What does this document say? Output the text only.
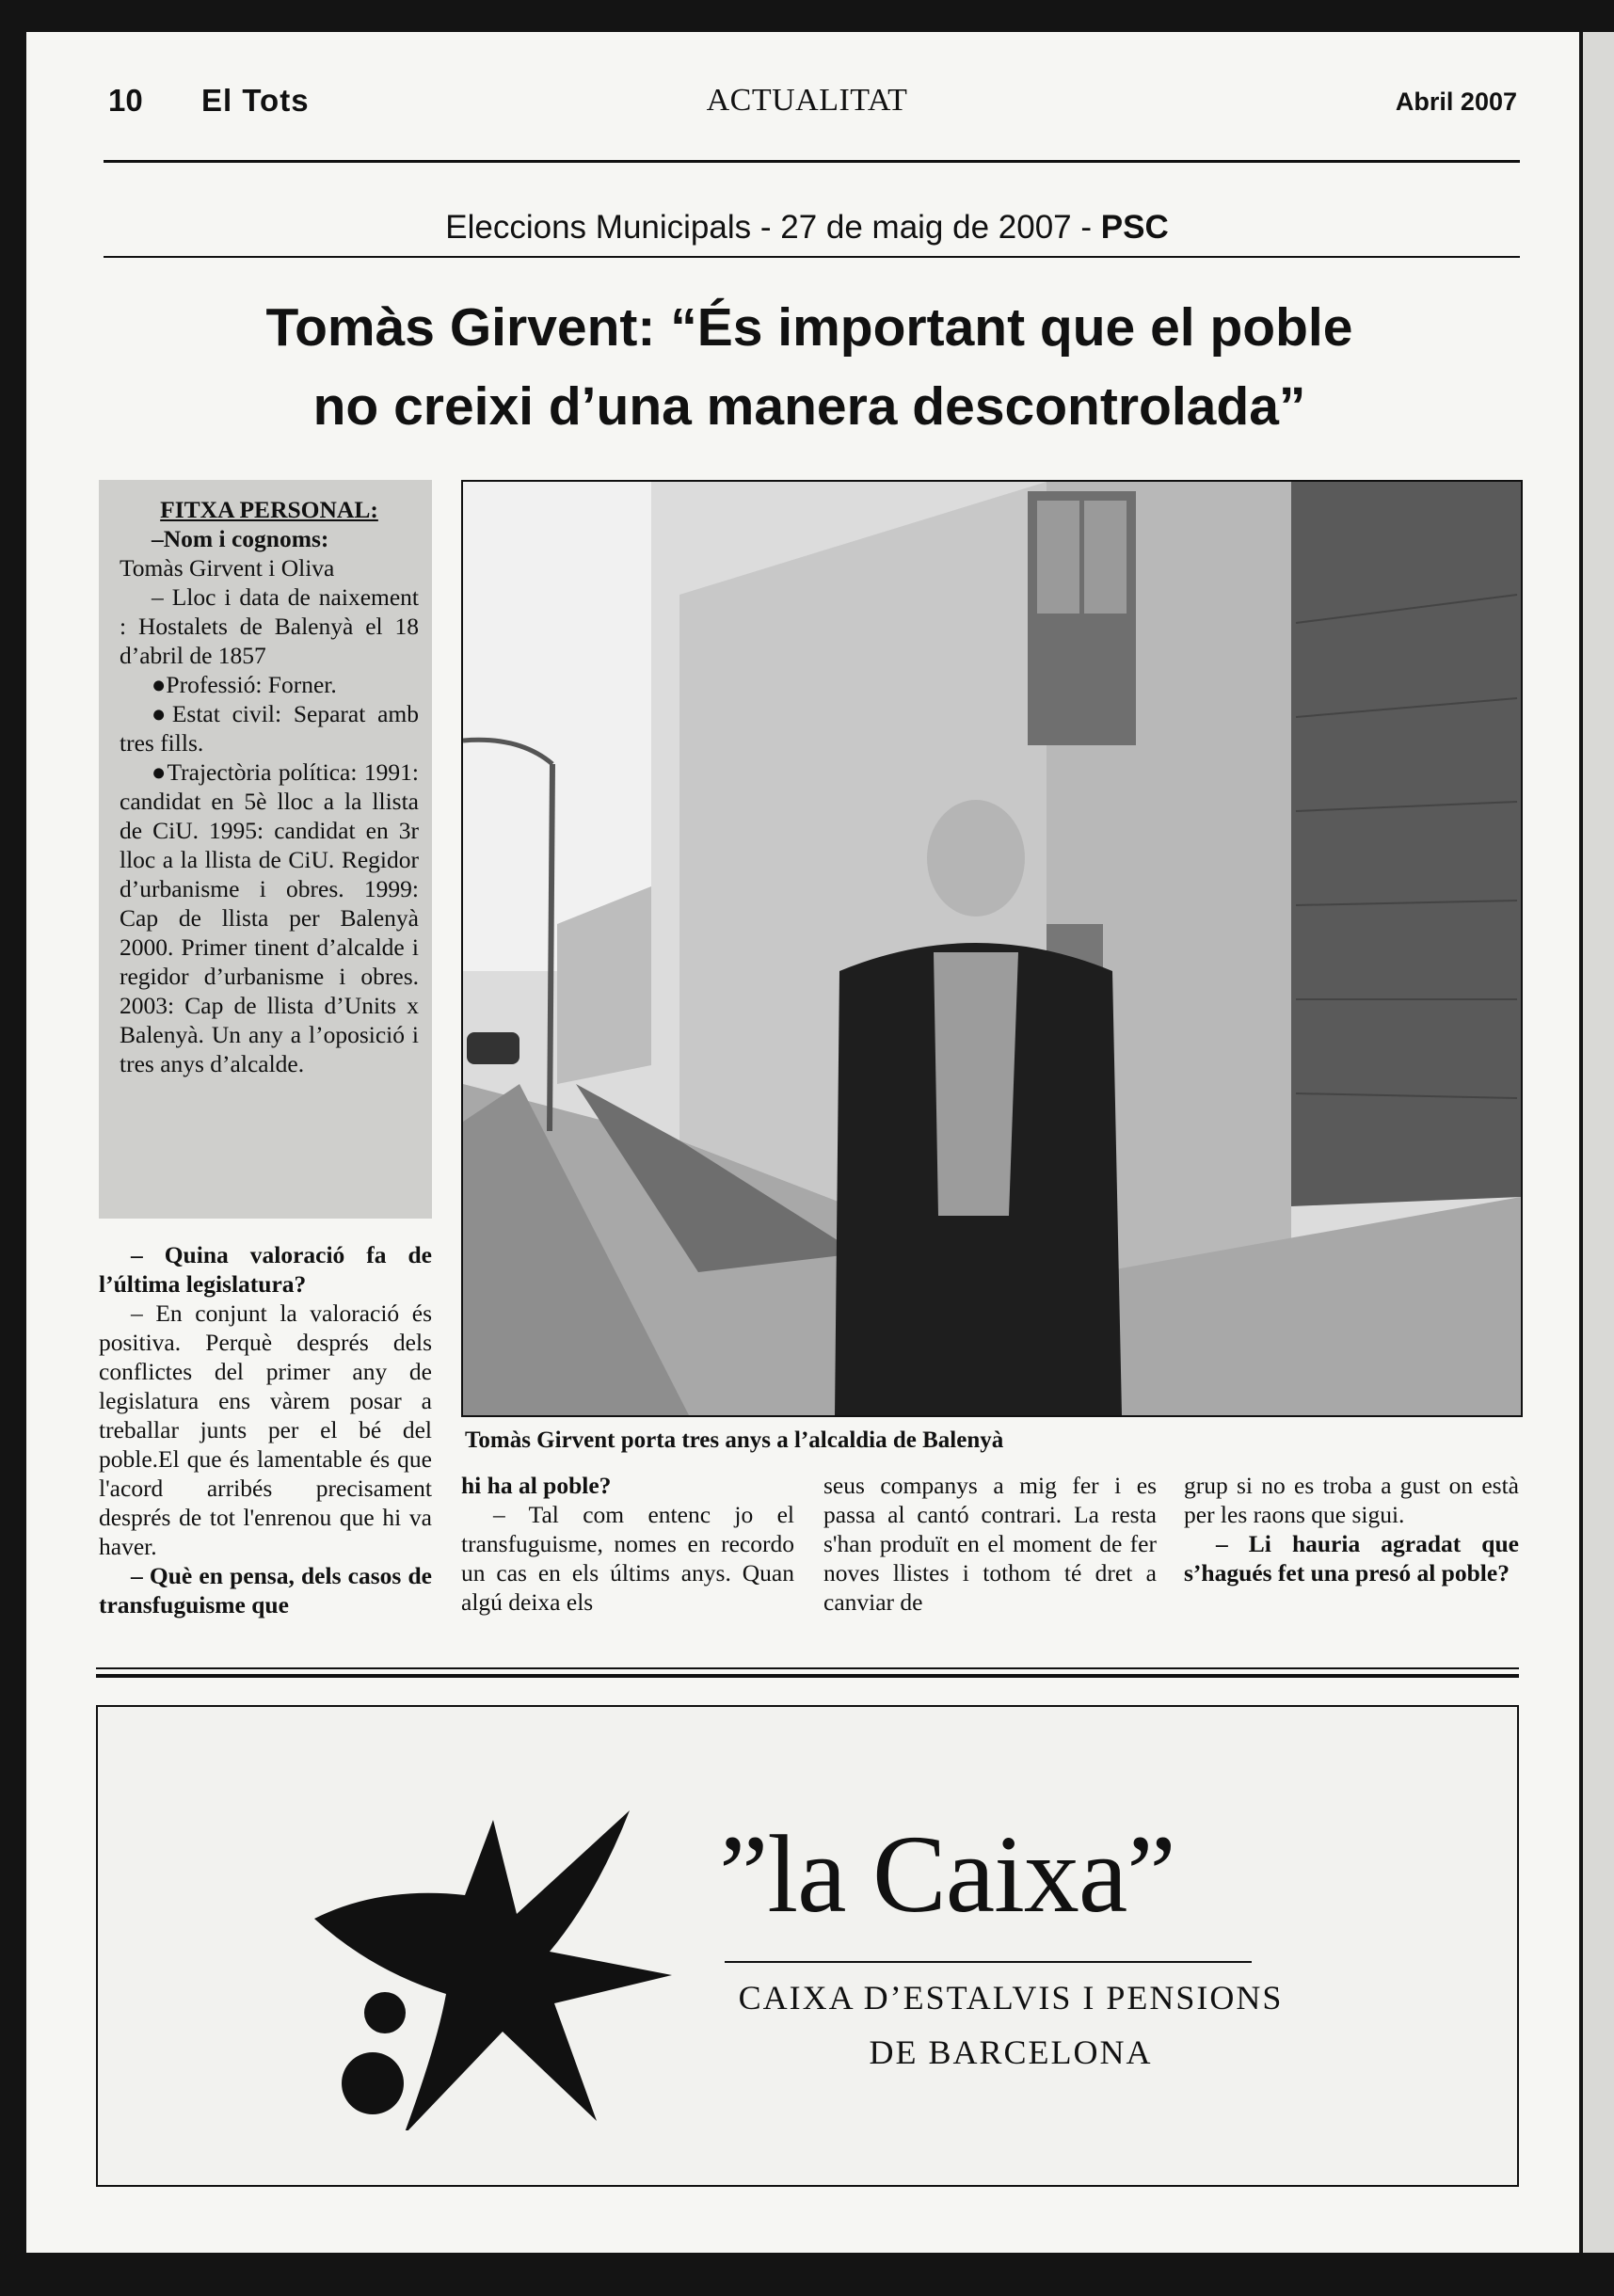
10 El Tots	ACTUALITAT	Abril 2007
Eleccions Municipals - 27 de maig de 2007 - PSC
Tomàs Girvent: “És important que el poble
no creixi d’una manera descontrolada”
FITXA PERSONAL:
–Nom i cognoms:
Tomàs Girvent i Oliva
– Lloc i data de naixement : Hostalets de Balenyà el 18 d’abril de 1857
●Professió: Forner.
●Estat civil: Separat amb tres fills.
●Trajectòria política: 1991: candidat en 5è lloc a la llista de CiU. 1995: candidat en 3r lloc a la llista de CiU. Regidor d’urbanisme i obres. 1999: Cap de llista per Balenyà 2000. Primer tinent d’alcalde i regidor d’urbanisme i obres. 2003: Cap de llista d’Units x Balenyà. Un any a l’oposició i tres anys d’alcalde.

– Quina valoració fa de l’última legislatura?

– En conjunt la valoració és positiva. Perquè després dels conflictes del primer any de legislatura ens vàrem posar a treballar junts per el bé del poble.El que és lamentable és que l'acord arribés precisament després de tot l'enrenou que hi va haver.

– Què en pensa, dels casos de transfuguisme que

Tomàs Girvent porta tres anys a l’alcaldia de Balenyà

hi ha al poble?

– Tal com entenc jo el transfuguisme, nomes en recordo un cas en els últims anys. Quan algú deixa els

seus companys a mig fer i es passa al cantó contrari. La resta s'han produït en el moment de fer noves llistes i tothom té dret a canviar de

grup si no es troba a gust on està per les raons que sigui.

– Li hauria agradat que s’hagués fet una presó al poble?

”la Caixa”
CAIXA D’ESTALVIS I PENSIONS
DE BARCELONA
